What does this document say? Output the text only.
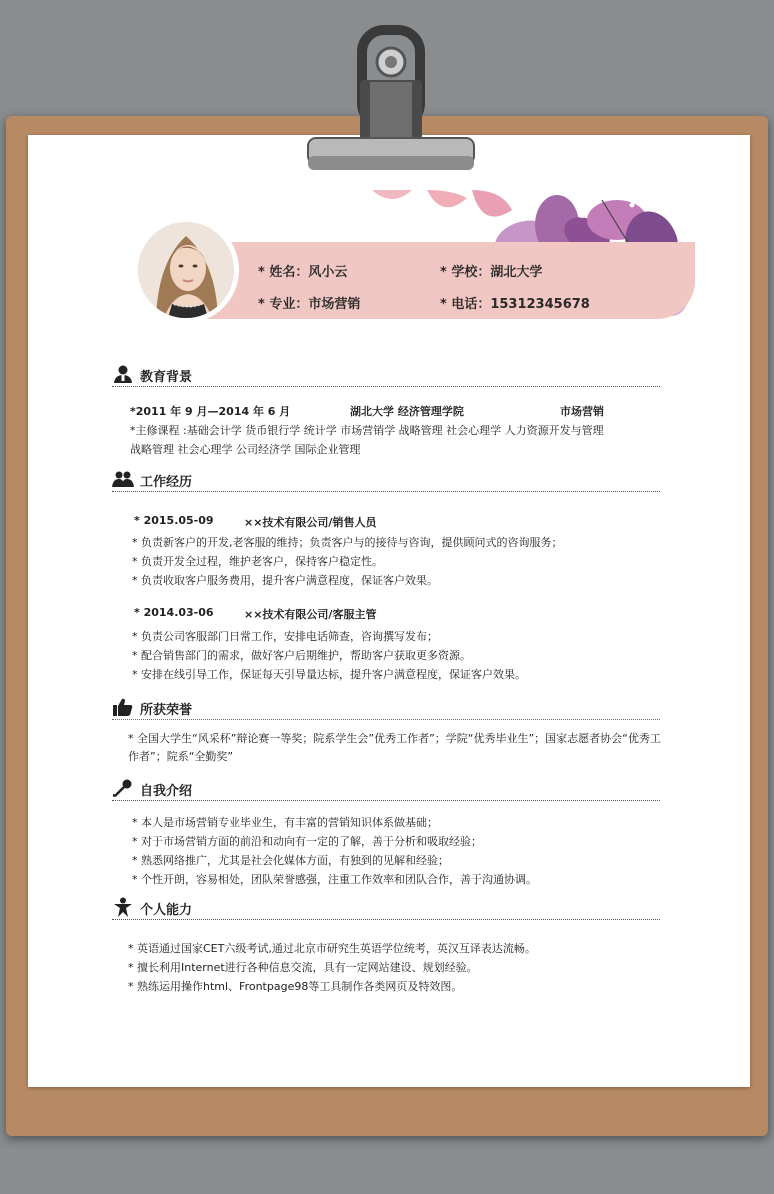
* 姓名：风小云	* 学校：湖北大学
* 专业：市场营销	* 电话：15312345678
教育背景
*2011 年 9 月—2014 年 6 月	湖北大学 经济管理学院	市场营销
*主修课程 :基础会计学 货币银行学 统计学 市场营销学 战略管理 社会心理学 人力资源开发与管理
战略管理 社会心理学 公司经济学 国际企业管理
工作经历
* 2015.05-09	××技术有限公司/销售人员
* 负责新客户的开发,老客服的维持；负责客户与的接待与咨询，提供顾问式的咨询服务；
* 负责开发全过程，维护老客户，保持客户稳定性。
* 负责收取客户服务费用，提升客户满意程度，保证客户效果。
* 2014.03-06	××技术有限公司/客服主管
* 负责公司客服部门日常工作，安排电话筛查，咨询撰写发布；
* 配合销售部门的需求，做好客户后期维护，帮助客户获取更多资源。
* 安排在线引导工作，保证每天引导量达标，提升客户满意程度，保证客户效果。
所获荣誉
* 全国大学生“风采杯”辩论赛一等奖；院系学生会”优秀工作者”；学院“优秀毕业生”；国家志愿者协会“优秀工作者”；院系“全勤奖”
自我介绍
* 本人是市场营销专业毕业生，有丰富的营销知识体系做基础；
* 对于市场营销方面的前沿和动向有一定的了解，善于分析和吸取经验；
* 熟悉网络推广，尤其是社会化媒体方面，有独到的见解和经验；
* 个性开朗，容易相处，团队荣誉感强，注重工作效率和团队合作，善于沟通协调。
个人能力
* 英语通过国家CET六级考试,通过北京市研究生英语学位统考，英汉互译表达流畅。
* 擅长利用Internet进行各种信息交流，具有一定网站建设、规划经验。
* 熟练运用操作html、Frontpage98等工具制作各类网页及特效图。
